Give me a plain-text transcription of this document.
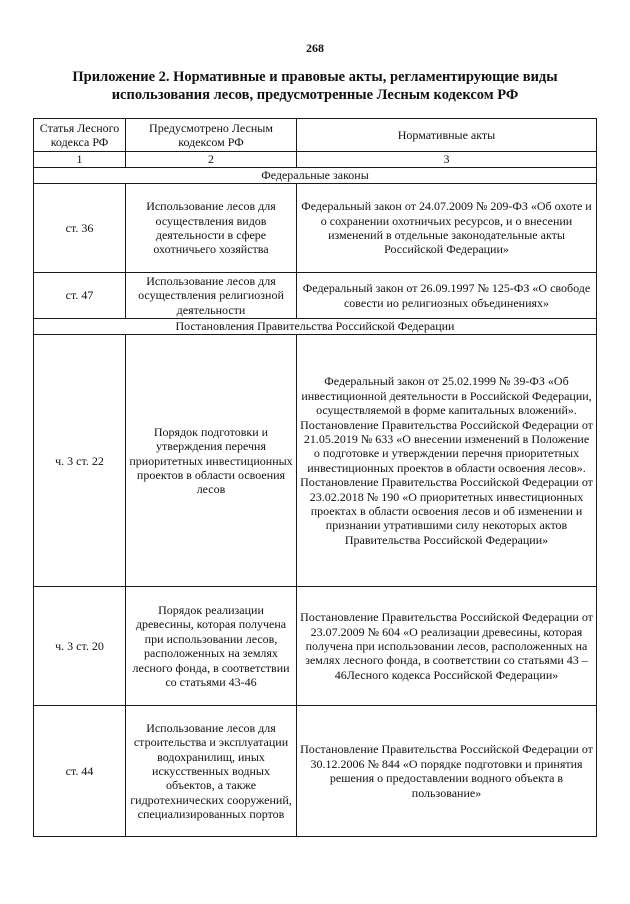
268
Приложение 2. Нормативные и правовые акты, регламентирующие виды использования лесов, предусмотренные Лесным кодексом РФ
Статья Лесного кодекса РФ	Предусмотрено Лесным кодексом РФ	Нормативные акты
1	2	3
Федеральные законы		
ст. 36	Использование лесов для осуществления видов деятельности в сфере охотничьего хозяйства	Федеральный закон от 24.07.2009 № 209-ФЗ «Об охоте и о сохранении охотничьих ресурсов, и о внесении изменений в отдельные законодательные акты Российской Федерации»
ст. 47	Использование лесов для осуществления религиозной деятельности	Федеральный закон от 26.09.1997 № 125-ФЗ «О свободе совести ио религиозных объединениях»
Постановления Правительства Российской Федерации		
ч. 3 ст. 22	Порядок подготовки и утверждения перечня приоритетных инвестиционных проектов в области освоения лесов	Федеральный закон от 25.02.1999 № 39-ФЗ «Об инвестиционной деятельности в Российской Федерации, осуществляемой в форме капитальных вложений». Постановление Правительства Российской Федерации от 21.05.2019 № 633 «О внесении изменений в Положение о подготовке и утверждении перечня приоритетных инвестиционных проектов в области освоения лесов». Постановление Правительства Российской Федерации от 23.02.2018 № 190 «О приоритетных инвестиционных проектах в области освоения лесов и об изменении и признании утратившими силу некоторых актов Правительства Российской Федерации»
ч. 3 ст. 20	Порядок реализации древесины, которая получена при использовании лесов, расположенных на землях лесного фонда, в соответствии со статьями 43-46	Постановление Правительства Российской Федерации от 23.07.2009 № 604 «О реализации древесины, которая получена при использовании лесов, расположенных на землях лесного фонда, в соответствии со статьями 43 – 46Лесного кодекса Российской Федерации»
ст. 44	Использование лесов для строительства и эксплуатации водохранилищ, иных искусственных водных объектов, а также гидротехнических сооружений, специализированных портов	Постановление Правительства Российской Федерации от 30.12.2006 № 844 «О порядке подготовки и принятия решения о предоставлении водного объекта в пользование»
